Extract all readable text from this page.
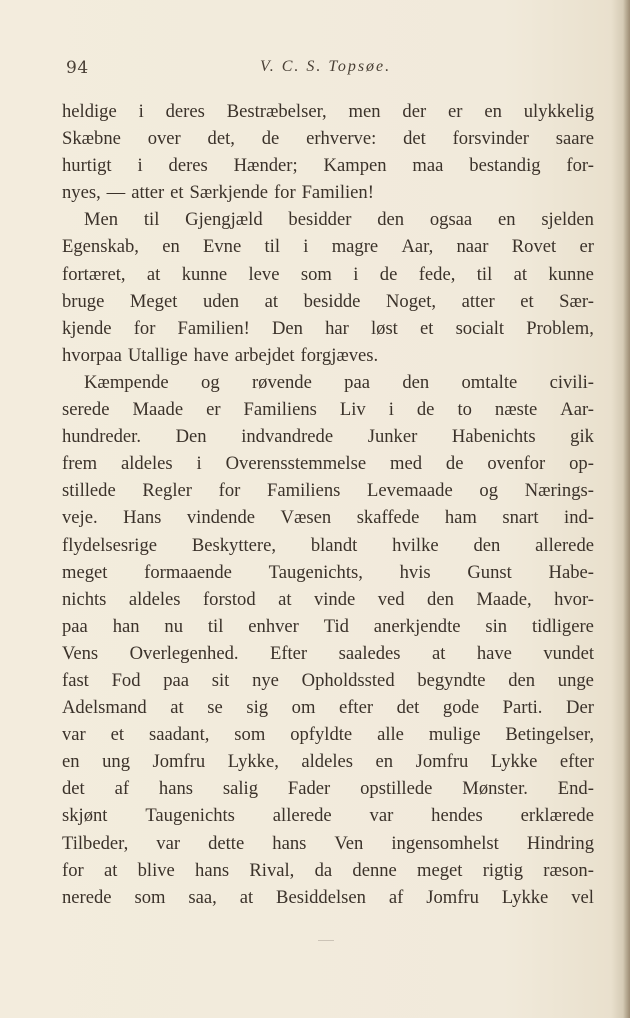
94	V. C. S. Topsøe.
heldige i deres Bestræbelser, men der er en ulykkelig
Skæbne over det, de erhverve: det forsvinder saare
hurtigt i deres Hænder; Kampen maa bestandig for-
nyes, — atter et Særkjende for Familien!
Men til Gjengjæld besidder den ogsaa en sjelden
Egenskab, en Evne til i magre Aar, naar Rovet er
fortæret, at kunne leve som i de fede, til at kunne
bruge Meget uden at besidde Noget, atter et Sær-
kjende for Familien! Den har løst et socialt Problem,
hvorpaa Utallige have arbejdet forgjæves.
Kæmpende og røvende paa den omtalte civili-
serede Maade er Familiens Liv i de to næste Aar-
hundreder. Den indvandrede Junker Habenichts gik
frem aldeles i Overensstemmelse med de ovenfor op-
stillede Regler for Familiens Levemaade og Nærings-
veje. Hans vindende Væsen skaffede ham snart ind-
flydelsesrige Beskyttere, blandt hvilke den allerede
meget formaaende Taugenichts, hvis Gunst Habe-
nichts aldeles forstod at vinde ved den Maade, hvor-
paa han nu til enhver Tid anerkjendte sin tidligere
Vens Overlegenhed. Efter saaledes at have vundet
fast Fod paa sit nye Opholdssted begyndte den unge
Adelsmand at se sig om efter det gode Parti. Der
var et saadant, som opfyldte alle mulige Betingelser,
en ung Jomfru Lykke, aldeles en Jomfru Lykke efter
det af hans salig Fader opstillede Mønster. End-
skjønt Taugenichts allerede var hendes erklærede
Tilbeder, var dette hans Ven ingensomhelst Hindring
for at blive hans Rival, da denne meget rigtig ræson-
nerede som saa, at Besiddelsen af Jomfru Lykke vel
